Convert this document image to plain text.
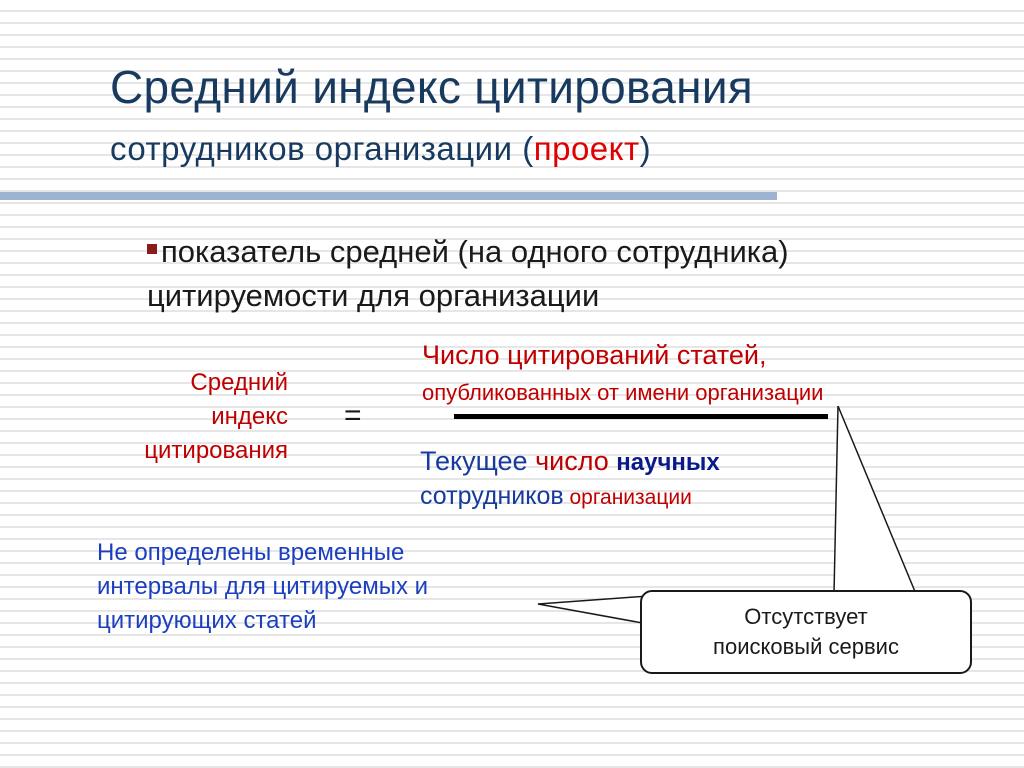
Средний индекс цитирования
сотрудников организации (проект)
показатель средней (на одного сотрудника)
цитируемости для организации
Средний
индекс
цитирования
=
Число цитирований статей,
опубликованных от имени организации
Текущее число научных
сотрудников организации
Не определены временные
интервалы для цитируемых и
цитирующих статей	Отсутствует
поисковый сервис
